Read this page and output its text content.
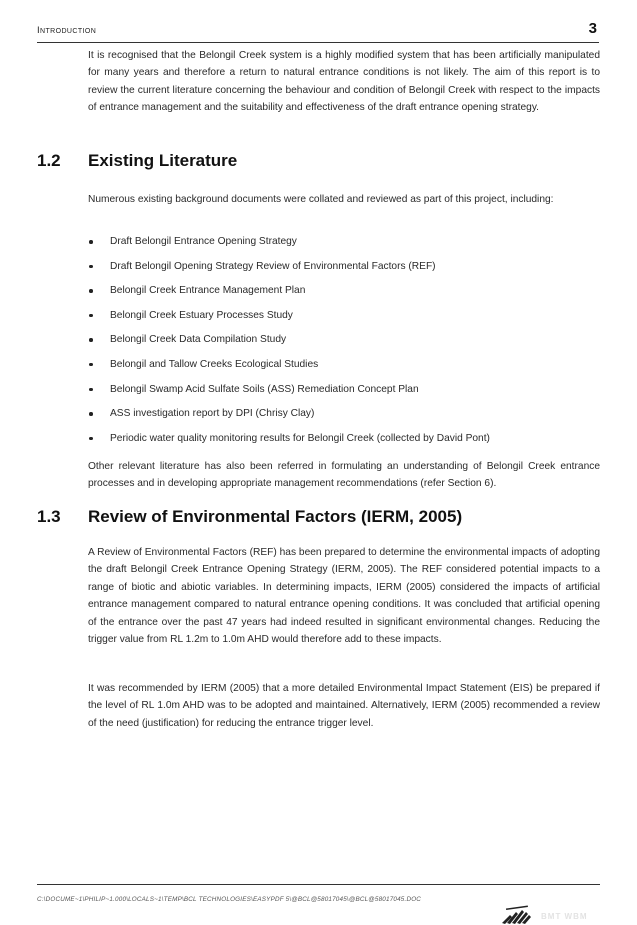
Introduction	3

It is recognised that the Belongil Creek system is a highly modified system that has been artificially manipulated for many years and therefore a return to natural entrance conditions is not likely. The aim of this report is to review the current literature concerning the behaviour and condition of Belongil Creek with respect to the impacts of entrance management and the suitability and effectiveness of the draft entrance opening strategy.

1.2 Existing Literature

Numerous existing background documents were collated and reviewed as part of this project, including:

Draft Belongil Entrance Opening Strategy
Draft Belongil Opening Strategy Review of Environmental Factors (REF)
Belongil Creek Entrance Management Plan
Belongil Creek Estuary Processes Study
Belongil Creek Data Compilation Study
Belongil and Tallow Creeks Ecological Studies
Belongil Swamp Acid Sulfate Soils (ASS) Remediation Concept Plan
ASS investigation report by DPI (Chrisy Clay)
Periodic water quality monitoring results for Belongil Creek (collected by David Pont)

Other relevant literature has also been referred in formulating an understanding of Belongil Creek entrance processes and in developing appropriate management recommendations (refer Section 6).

1.3 Review of Environmental Factors (IERM, 2005)

A Review of Environmental Factors (REF) has been prepared to determine the environmental impacts of adopting the draft Belongil Creek Entrance Opening Strategy (IERM, 2005). The REF considered potential impacts to a range of biotic and abiotic variables. In determining impacts, IERM (2005) considered the impacts of artificial entrance management compared to natural entrance opening conditions. It was concluded that artificial opening of the entrance over the past 47 years had indeed resulted in significant environmental changes. Reducing the trigger value from RL 1.2m to 1.0m AHD would therefore add to these impacts.

It was recommended by IERM (2005) that a more detailed Environmental Impact Statement (EIS) be prepared if the level of RL 1.0m AHD was to be adopted and maintained. Alternatively, IERM (2005) recommended a review of the need (justification) for reducing the entrance trigger level.

C:\DOCUME~1\PHILIP~1.000\LOCALS~1\TEMP\BCL TECHNOLOGIES\EASYPDF 5\@BCL@58017045\@BCL@58017045.DOC
BMT WBM
